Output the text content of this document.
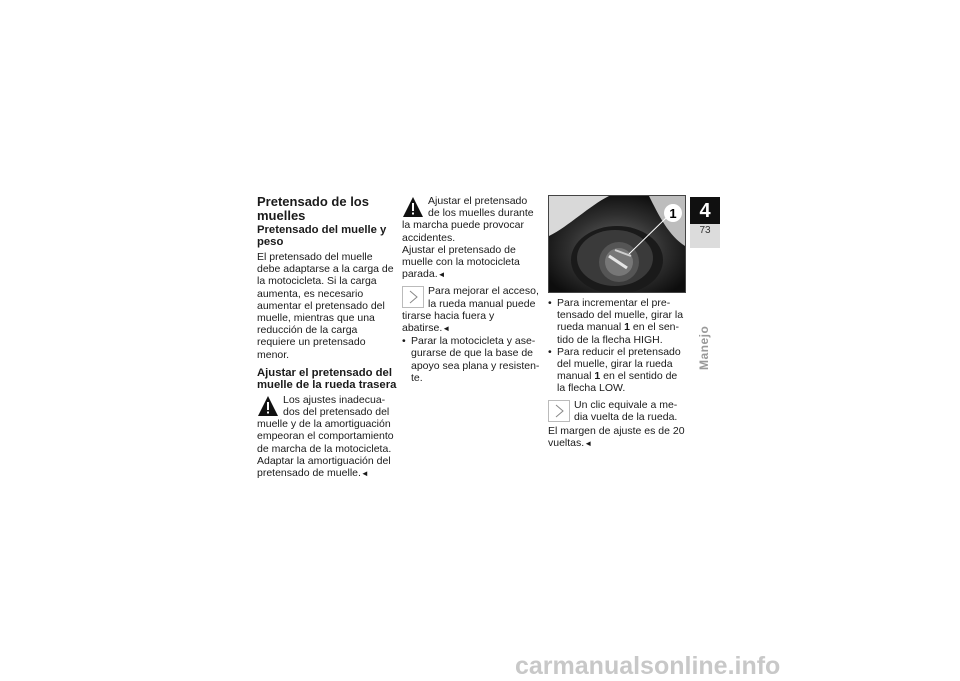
Pretensado de los muelles
Pretensado del muelle y peso

El pretensado del muelle debe adaptarse a la carga de la motocicleta. Si la carga aumenta, es necesario aumentar el pretensado del muelle, mientras que una reducción de la carga requiere un pretensado menor.

Ajustar el pretensado del muelle de la rueda trasera
Los ajustes inadecua-dos del pretensado del muelle y de la amortiguación empeoran el comportamiento de marcha de la motocicleta. Adaptar la amortiguación del pretensado de muelle.◄
Ajustar el pretensado de los muelles durante la marcha puede provocar accidentes.

Ajustar el pretensado de muelle con la motocicleta parada.◄

Para mejorar el acceso, la rueda manual puede tirarse hacia fuera y abatirse.◄
• Parar la motocicleta y ase-gurarse de que la base de apoyo sea plana y resisten-te.
1
• Para incrementar el pre-tensado del muelle, girar la rueda manual 1 en el sen-tido de la flecha HIGH.
• Para reducir el pretensado del muelle, girar la rueda manual 1 en el sentido de la flecha LOW.
Un clic equivale a me-dia vuelta de la rueda.

El margen de ajuste es de 20 vueltas.◄

4
73
Manejo
carmanualsonline.info
